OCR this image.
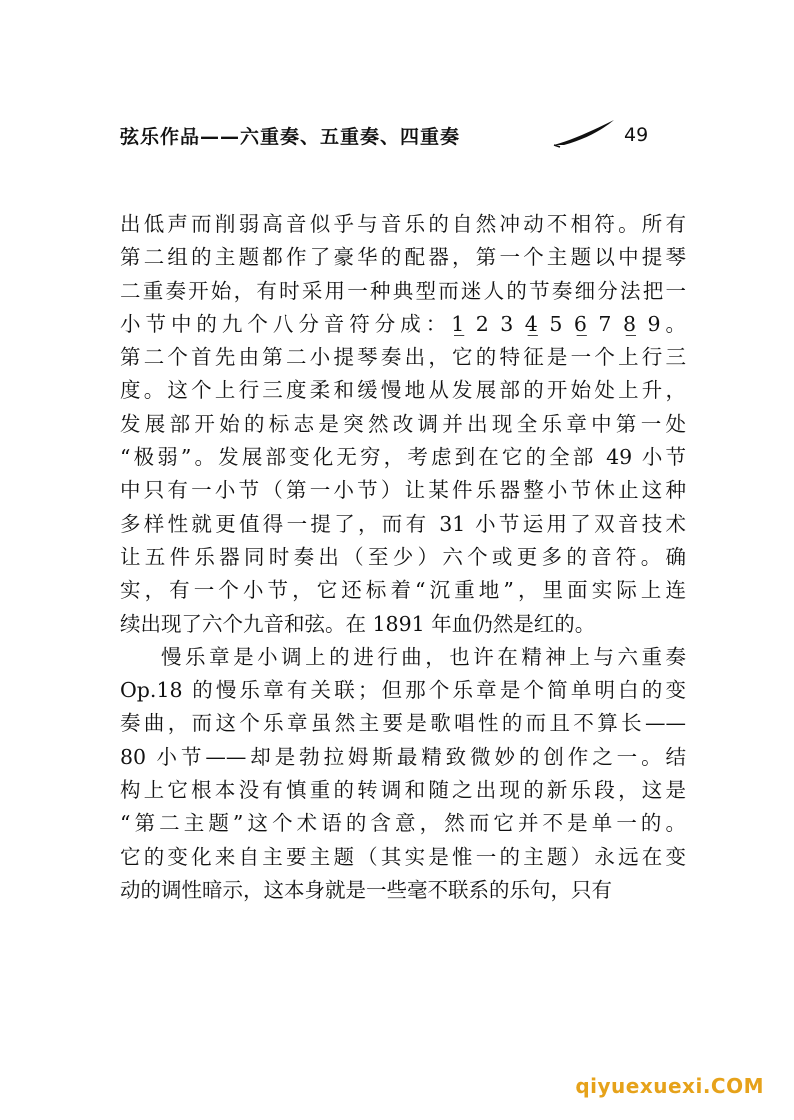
弦乐作品——六重奏、五重奏、四重奏	49
出低声而削弱高音似乎与音乐的自然冲动不相符。所有
第二组的主题都作了豪华的配器，第一个主题以中提琴
二重奏开始，有时采用一种典型而迷人的节奏细分法把一
小节中的九个八分音符分成：1̲ 2 3 4̲ 5 6̲ 7 8̲ 9。
第二个首先由第二小提琴奏出，它的特征是一个上行三
度。这个上行三度柔和缓慢地从发展部的开始处上升，
发展部开始的标志是突然改调并出现全乐章中第一处
“极弱”。发展部变化无穷，考虑到在它的全部 49 小节
中只有一小节（第一小节）让某件乐器整小节休止这种
多样性就更值得一提了，而有 31 小节运用了双音技术
让五件乐器同时奏出（至少）六个或更多的音符。确
实，有一个小节，它还标着“沉重地”，里面实际上连
续出现了六个九音和弦。在 1891 年血仍然是红的。
慢乐章是小调上的进行曲，也许在精神上与六重奏
Op.18 的慢乐章有关联；但那个乐章是个简单明白的变
奏曲，而这个乐章虽然主要是歌唱性的而且不算长——
80 小节——却是勃拉姆斯最精致微妙的创作之一。结
构上它根本没有慎重的转调和随之出现的新乐段，这是
“第二主题”这个术语的含意，然而它并不是单一的。
它的变化来自主要主题（其实是惟一的主题）永远在变
动的调性暗示，这本身就是一些毫不联系的乐句，只有
qiyuexuexi.COM
